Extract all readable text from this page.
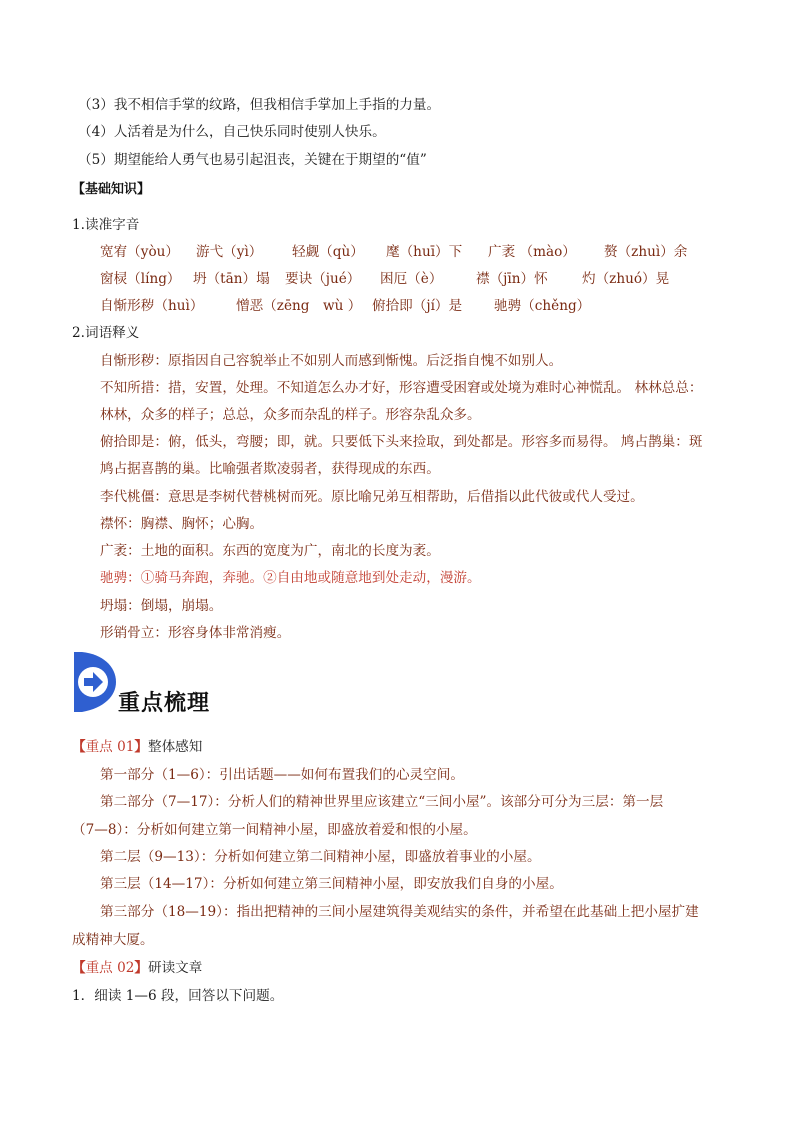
（3）我不相信手掌的纹路，但我相信手掌加上手指的力量。
（4）人活着是为什么，自己快乐同时使别人快乐。
（5）期望能给人勇气也易引起沮丧，关键在于期望的“值”
【基础知识】
1.读准字音
宽宥（yòu） 游弋（yì） 轻觑（qù） 麾（huī）下 广袤 （mào） 赘（zhuì）余
窗棂（líng） 坍（tān）塌 要诀（jué） 困厄（è） 襟（jīn）怀	灼（zhuó）晃
自惭形秽（huì） 憎恶（zēng　wù ） 俯拾即（jí）是 驰骋（chěng）
2.词语释义
自惭形秽：原指因自己容貌举止不如别人而感到惭愧。后泛指自愧不如别人。
不知所措：措，安置，处理。不知道怎么办才好，形容遭受困窘或处境为难时心神慌乱。 林林总总：
林林，众多的样子；总总，众多而杂乱的样子。形容杂乱众多。
俯拾即是：俯，低头，弯腰；即，就。只要低下头来捡取，到处都是。形容多而易得。 鸠占鹊巢：斑
鸠占据喜鹊的巢。比喻强者欺凌弱者，获得现成的东西。
李代桃僵：意思是李树代替桃树而死。原比喻兄弟互相帮助，后借指以此代彼或代人受过。
襟怀：胸襟、胸怀；心胸。
广袤：土地的面积。东西的宽度为广，南北的长度为袤。
驰骋：①骑马奔跑，奔驰。②自由地或随意地到处走动，漫游。
坍塌：倒塌，崩塌。
形销骨立：形容身体非常消瘦。
重点梳理
【重点 01】整体感知
第一部分（1—6）：引出话题——如何布置我们的心灵空间。
第二部分（7—17）：分析人们的精神世界里应该建立“三间小屋”。该部分可分为三层：第一层
（7—8）：分析如何建立第一间精神小屋，即盛放着爱和恨的小屋。
第二层（9—13）：分析如何建立第二间精神小屋，即盛放着事业的小屋。
第三层（14—17）：分析如何建立第三间精神小屋，即安放我们自身的小屋。
第三部分（18—19）：指出把精神的三间小屋建筑得美观结实的条件，并希望在此基础上把小屋扩建
成精神大厦。
【重点 02】研读文章
1．细读 1—6 段，回答以下问题。
